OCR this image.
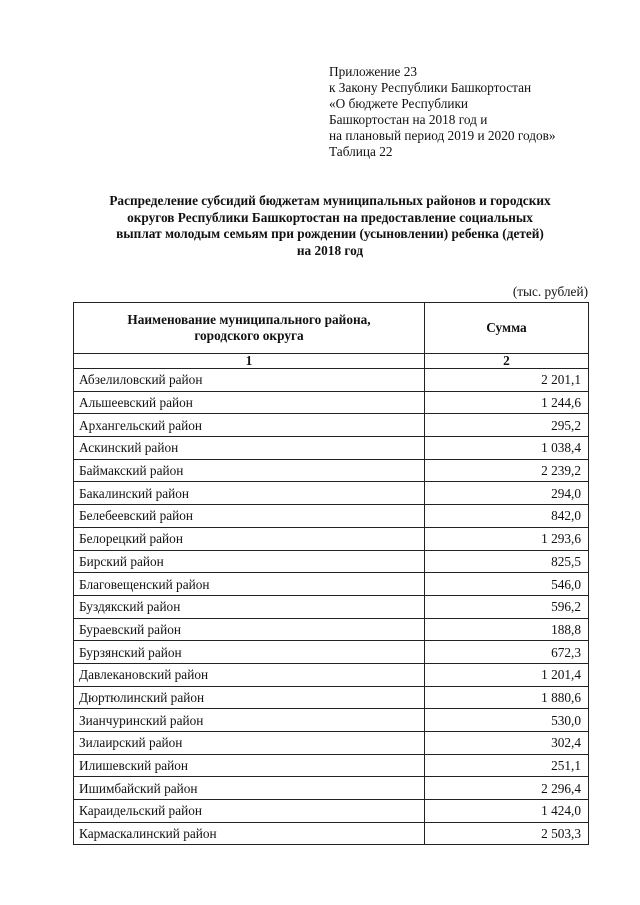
Приложение 23
к Закону Республики Башкортостан
«О бюджете Республики
Башкортостан на 2018 год и
на плановый период 2019 и 2020 годов»
Таблица 22
Распределение субсидий бюджетам муниципальных районов и городских
округов Республики Башкортостан на предоставление социальных
выплат молодым семьям при рождении (усыновлении) ребенка (детей)
на 2018 год
(тыс. рублей)
Наименование муниципального района,
городского округа	Сумма
1	2
Абзелиловский район	2 201,1
Альшеевский район	1 244,6
Архангельский район	295,2
Аскинский район	1 038,4
Баймакский район	2 239,2
Бакалинский район	294,0
Белебеевский район	842,0
Белорецкий район	1 293,6
Бирский район	825,5
Благовещенский район	546,0
Буздякский район	596,2
Бураевский район	188,8
Бурзянский район	672,3
Давлекановский район	1 201,4
Дюртюлинский район	1 880,6
Зианчуринский район	530,0
Зилаирский район	302,4
Илишевский район	251,1
Ишимбайский район	2 296,4
Караидельский район	1 424,0
Кармаскалинский район	2 503,3
